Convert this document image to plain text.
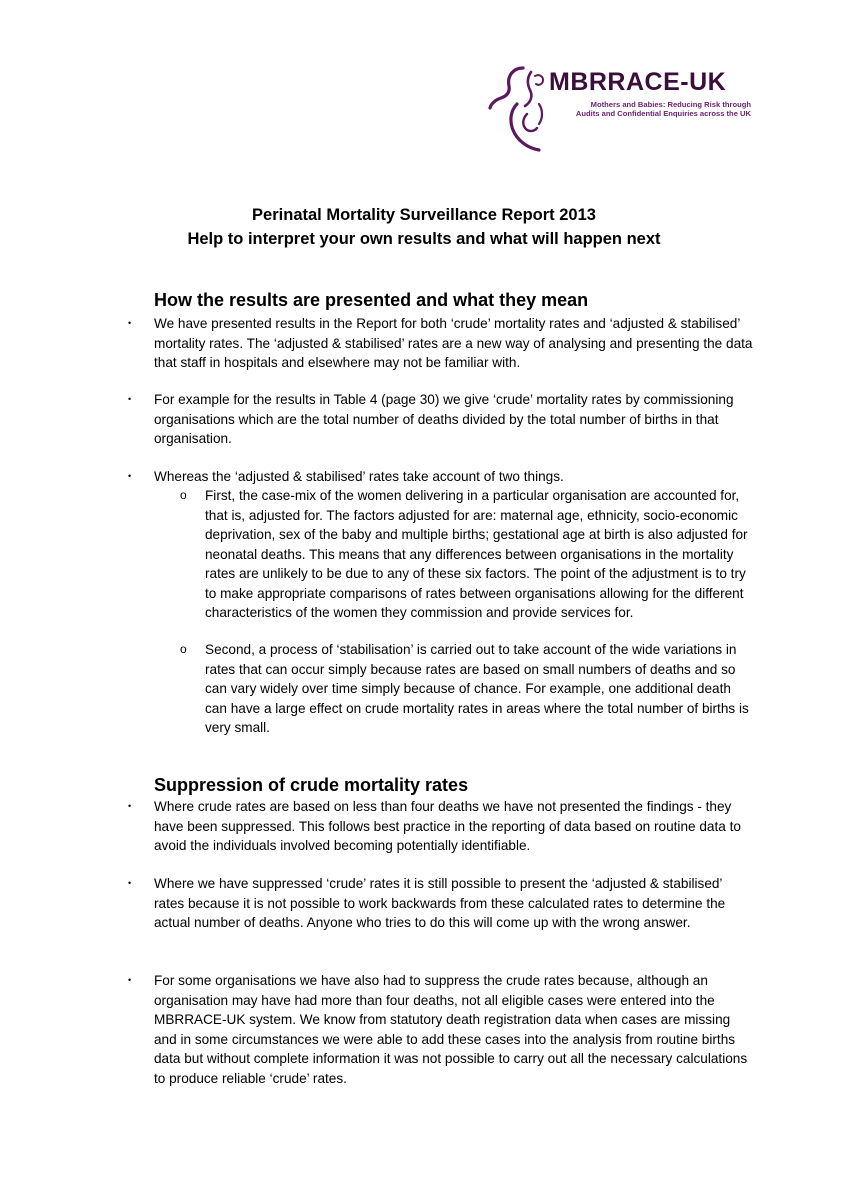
MBRRACE-UK
Mothers and Babies: Reducing Risk through
Audits and Confidential Enquiries across the UK
Perinatal Mortality Surveillance Report 2013
Help to interpret your own results and what will happen next
How the results are presented and what they mean
• We have presented results in the Report for both ‘crude’ mortality rates and ‘adjusted & stabilised’ mortality rates. The ‘adjusted & stabilised’ rates are a new way of analysing and presenting the data that staff in hospitals and elsewhere may not be familiar with.

• For example for the results in Table 4 (page 30) we give ‘crude’ mortality rates by commissioning organisations which are the total number of deaths divided by the total number of births in that organisation.

• Whereas the ‘adjusted & stabilised’ rates take account of two things.

o First, the case-mix of the women delivering in a particular organisation are accounted for, that is, adjusted for. The factors adjusted for are: maternal age, ethnicity, socio-economic deprivation, sex of the baby and multiple births; gestational age at birth is also adjusted for neonatal deaths. This means that any differences between organisations in the mortality rates are unlikely to be due to any of these six factors. The point of the adjustment is to try to make appropriate comparisons of rates between organisations allowing for the different characteristics of the women they commission and provide services for.

o Second, a process of ‘stabilisation’ is carried out to take account of the wide variations in rates that can occur simply because rates are based on small numbers of deaths and so can vary widely over time simply because of chance. For example, one additional death can have a large effect on crude mortality rates in areas where the total number of births is very small.

Suppression of crude mortality rates
• Where crude rates are based on less than four deaths we have not presented the findings - they have been suppressed. This follows best practice in the reporting of data based on routine data to avoid the individuals involved becoming potentially identifiable.

• Where we have suppressed ‘crude’ rates it is still possible to present the ‘adjusted & stabilised’ rates because it is not possible to work backwards from these calculated rates to determine the actual number of deaths. Anyone who tries to do this will come up with the wrong answer.

• For some organisations we have also had to suppress the crude rates because, although an organisation may have had more than four deaths, not all eligible cases were entered into the MBRRACE-UK system. We know from statutory death registration data when cases are missing and in some circumstances we were able to add these cases into the analysis from routine births data but without complete information it was not possible to carry out all the necessary calculations to produce reliable ‘crude’ rates.
